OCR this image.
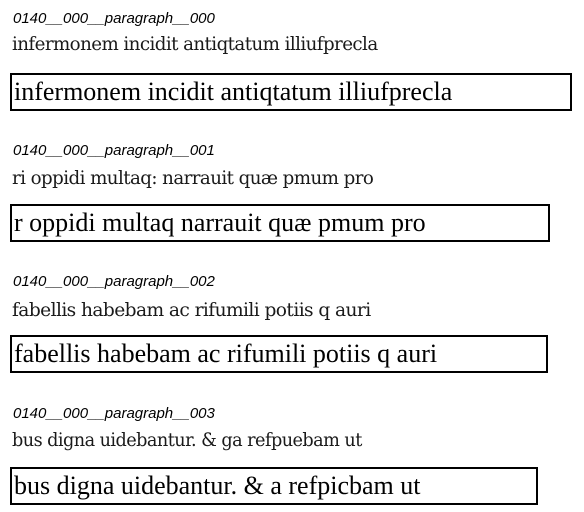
0140__000__paragraph__000
infermonem incidit antiqtatum illiufprecla
infermonem incidit antiqtatum illiufprecla
0140__000__paragraph__001
ri oppidi multaq: narrauit quæ pmum pro
r oppidi multaq narrauit quæ pmum pro
0140__000__paragraph__002
fabellis habebam ac rifumili potiis q auri
fabellis habebam ac rifumili potiis q auri
0140__000__paragraph__003
bus digna uidebantur. & ga refpuebam ut
bus digna uidebantur. & a refpicbam ut
